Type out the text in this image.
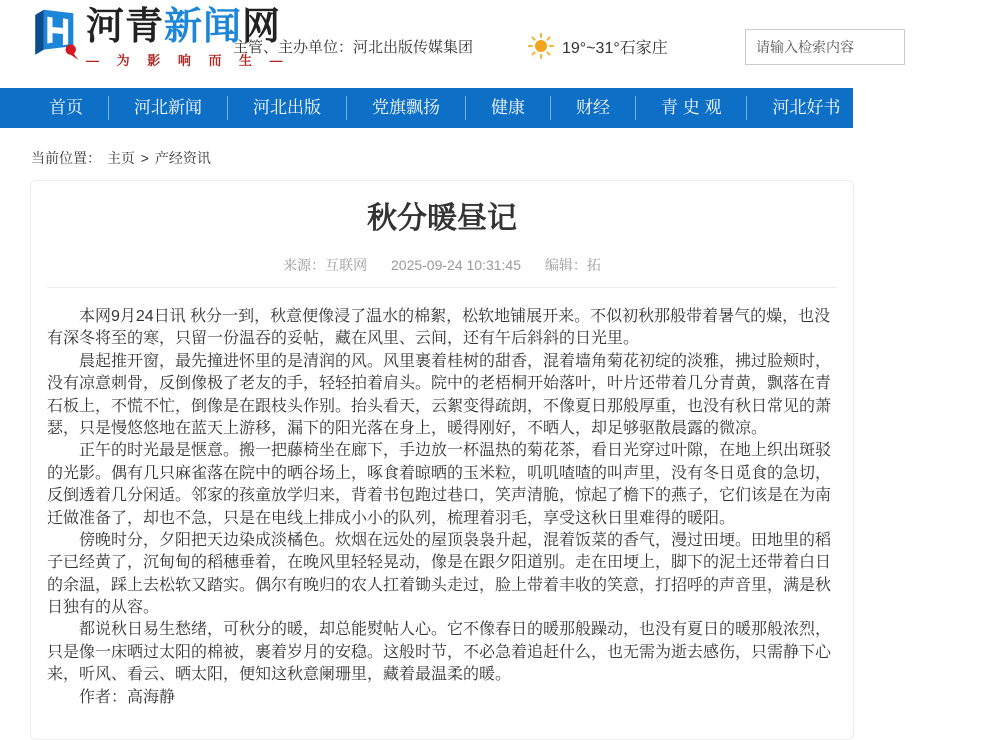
河青新闻网
— 为 影 响 而 生 —
主管、主办单位：河北出版传媒集团	19°~31°石家庄
请输入检索内容
首页	河北新闻	河北出版	党旗飘扬	健康	财经	青 史 观	河北好书	全民辟谣
当前位置： 主页 > 产经资讯
秋分暖昼记
来源：互联网 2025-09-24 10:31:45 编辑：拓

本网9月24日讯 秋分一到，秋意便像浸了温水的棉絮，松软地铺展开来。不似初秋那般带着暑气的燥，也没有深冬将至的寒，只留一份温吞的妥帖，藏在风里、云间，还有午后斜斜的日光里。

晨起推开窗，最先撞进怀里的是清润的风。风里裹着桂树的甜香，混着墙角菊花初绽的淡雅，拂过脸颊时，没有凉意刺骨，反倒像极了老友的手，轻轻拍着肩头。院中的老梧桐开始落叶，叶片还带着几分青黄，飘落在青石板上，不慌不忙，倒像是在跟枝头作别。抬头看天，云絮变得疏朗，不像夏日那般厚重，也没有秋日常见的萧瑟，只是慢悠悠地在蓝天上游移，漏下的阳光落在身上，暖得刚好，不晒人，却足够驱散晨露的微凉。

正午的时光最是惬意。搬一把藤椅坐在廊下，手边放一杯温热的菊花茶，看日光穿过叶隙，在地上织出斑驳的光影。偶有几只麻雀落在院中的晒谷场上，啄食着晾晒的玉米粒，叽叽喳喳的叫声里，没有冬日觅食的急切，反倒透着几分闲适。邻家的孩童放学归来，背着书包跑过巷口，笑声清脆，惊起了檐下的燕子，它们该是在为南迁做准备了，却也不急，只是在电线上排成小小的队列，梳理着羽毛，享受这秋日里难得的暖阳。

傍晚时分，夕阳把天边染成淡橘色。炊烟在远处的屋顶袅袅升起，混着饭菜的香气，漫过田埂。田地里的稻子已经黄了，沉甸甸的稻穗垂着，在晚风里轻轻晃动，像是在跟夕阳道别。走在田埂上，脚下的泥土还带着白日的余温，踩上去松软又踏实。偶尔有晚归的农人扛着锄头走过，脸上带着丰收的笑意，打招呼的声音里，满是秋日独有的从容。

都说秋日易生愁绪，可秋分的暖，却总能熨帖人心。它不像春日的暖那般躁动，也没有夏日的暖那般浓烈，只是像一床晒过太阳的棉被，裹着岁月的安稳。这般时节，不必急着追赶什么，也无需为逝去感伤，只需静下心来，听风、看云、晒太阳，便知这秋意阑珊里，藏着最温柔的暖。

作者：高海静
